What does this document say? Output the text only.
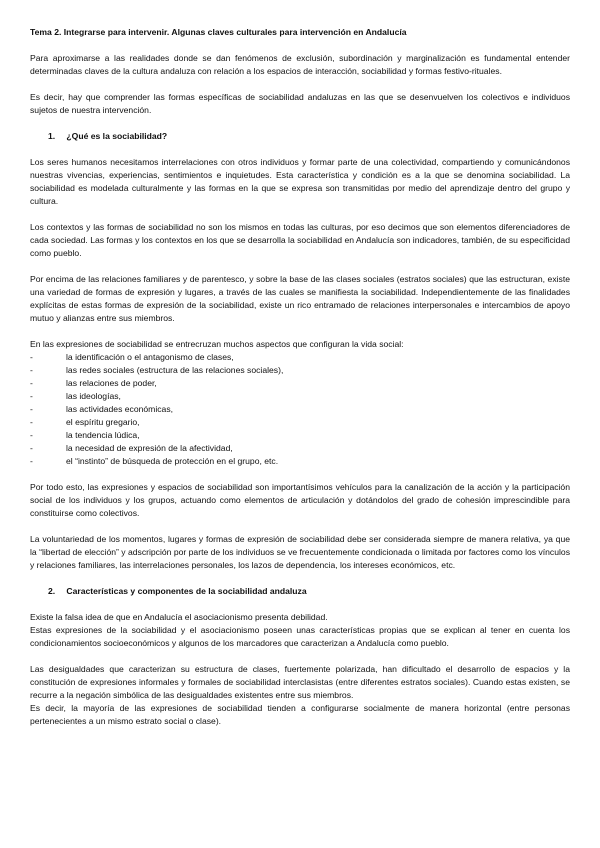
Tema 2. Integrarse para intervenir. Algunas claves culturales para intervención en Andalucía

Para aproximarse a las realidades donde se dan fenómenos de exclusión, subordinación y marginalización es fundamental entender determinadas claves de la cultura andaluza con relación a los espacios de interacción, sociabilidad y formas festivo-rituales.

Es decir, hay que comprender las formas específicas de sociabilidad andaluzas en las que se desenvuelven los colectivos e individuos sujetos de nuestra intervención.

1. ¿Qué es la sociabilidad?

Los seres humanos necesitamos interrelaciones con otros individuos y formar parte de una colectividad, compartiendo y comunicándonos nuestras vivencias, experiencias, sentimientos e inquietudes. Esta característica y condición es a la que se denomina sociabilidad. La sociabilidad es modelada culturalmente y las formas en la que se expresa son transmitidas por medio del aprendizaje dentro del grupo y cultura.

Los contextos y las formas de sociabilidad no son los mismos en todas las culturas, por eso decimos que son elementos diferenciadores de cada sociedad. Las formas y los contextos en los que se desarrolla la sociabilidad en Andalucía son indicadores, también, de su especificidad como pueblo.

Por encima de las relaciones familiares y de parentesco, y sobre la base de las clases sociales (estratos sociales) que las estructuran, existe una variedad de formas de expresión y lugares, a través de las cuales se manifiesta la sociabilidad. Independientemente de las finalidades explícitas de estas formas de expresión de la sociabilidad, existe un rico entramado de relaciones interpersonales e intercambios de apoyo mutuo y alianzas entre sus miembros.

En las expresiones de sociabilidad se entrecruzan muchos aspectos que configuran la vida social:

-	la identificación o el antagonismo de clases,
-	las redes sociales (estructura de las relaciones sociales),
-	las relaciones de poder,
-	las ideologías,
-	las actividades económicas,
-	el espíritu gregario,
-	la tendencia lúdica,
-	la necesidad de expresión de la afectividad,
-	el “instinto” de búsqueda de protección en el grupo, etc.

Por todo esto, las expresiones y espacios de sociabilidad son importantísimos vehículos para la canalización de la acción y la participación social de los individuos y los grupos, actuando como elementos de articulación y dotándolos del grado de cohesión imprescindible para constituirse como colectivos.

La voluntariedad de los momentos, lugares y formas de expresión de sociabilidad debe ser considerada siempre de manera relativa, ya que la “libertad de elección” y adscripción por parte de los individuos se ve frecuentemente condicionada o limitada por factores como los vínculos y relaciones familiares, las interrelaciones personales, los lazos de dependencia, los intereses económicos, etc.

2. Características y componentes de la sociabilidad andaluza

Existe la falsa idea de que en Andalucía el asociacionismo presenta debilidad.

Estas expresiones de la sociabilidad y el asociacionismo poseen unas características propias que se explican al tener en cuenta los condicionamientos socioeconómicos y algunos de los marcadores que caracterizan a Andalucía como pueblo.

Las desigualdades que caracterizan su estructura de clases, fuertemente polarizada, han dificultado el desarrollo de espacios y la constitución de expresiones informales y formales de sociabilidad interclasistas (entre diferentes estratos sociales). Cuando estas existen, se recurre a la negación simbólica de las desigualdades existentes entre sus miembros.

Es decir, la mayoría de las expresiones de sociabilidad tienden a configurarse socialmente de manera horizontal (entre personas pertenecientes a un mismo estrato social o clase).
